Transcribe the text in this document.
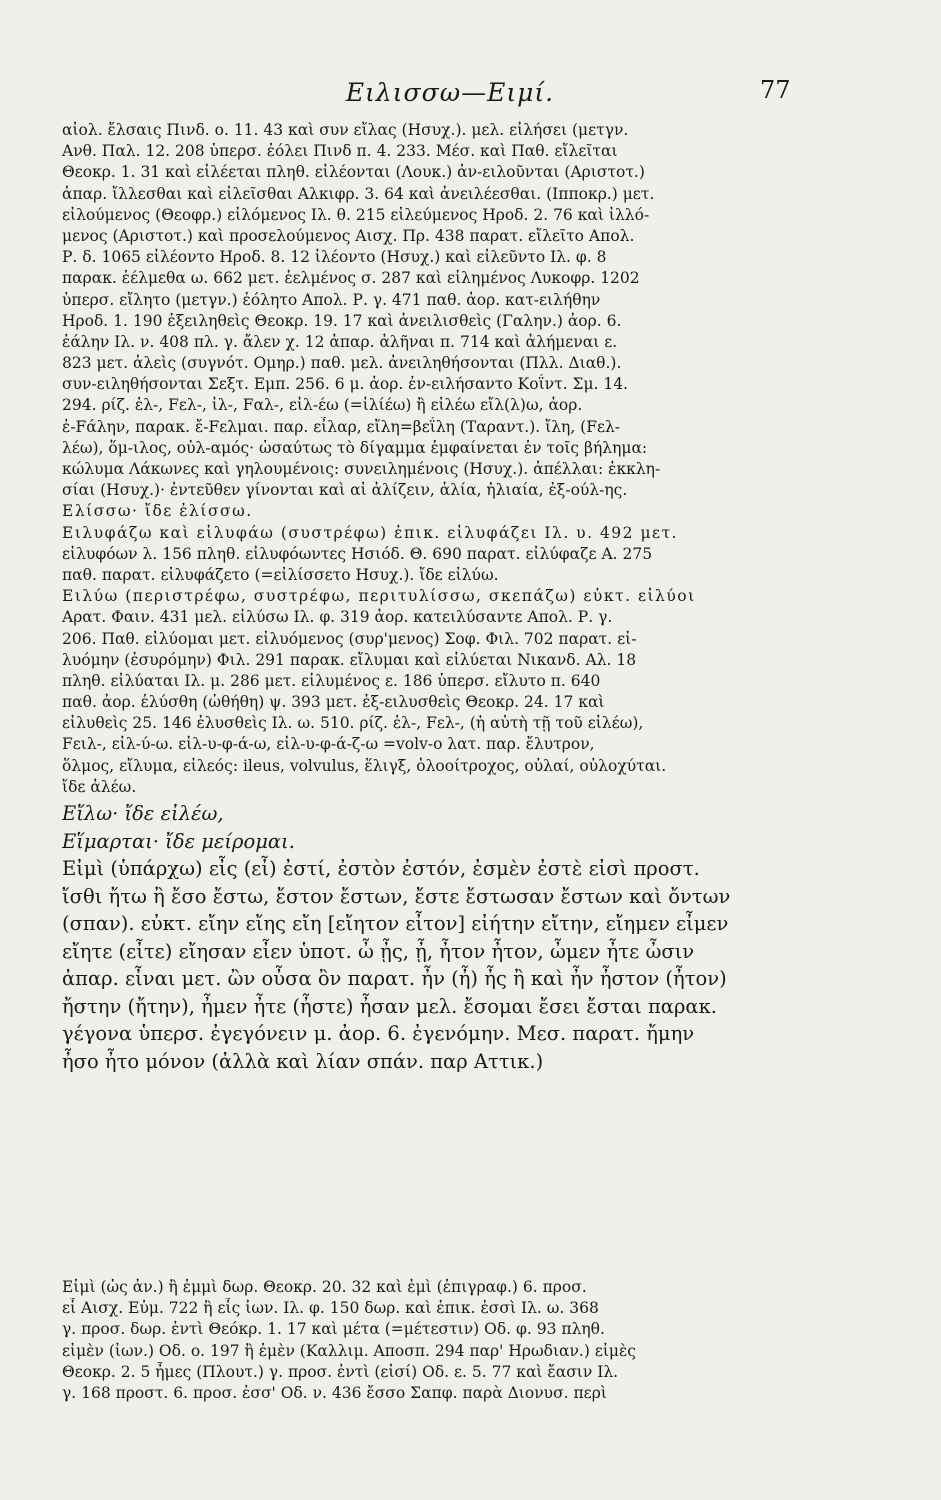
Ειλισσω—Ειμί.	77
αἰολ. ἔλσαις Πινδ. ο. 11. 43 καὶ συν εἴλας (Ησυχ.). μελ. εἰλήσει (μετγν.
Ανθ. Παλ. 12. 208 ὑπερσ. ἐόλει Πινδ π. 4. 233. Μέσ. καὶ Παθ. εἴλεῖται
Θεοκρ. 1. 31 καὶ εἰλέεται πληθ. εἰλέονται (Λουκ.) ἀν-ειλοῦνται (Αριστοτ.)
ἀπαρ. ἴλλεσθαι καὶ εἰλεῖσθαι Αλκιφρ. 3. 64 καὶ ἀνειλέεσθαι. (Ιπποκρ.) μετ.
εἰλούμενος (Θεοφρ.) εἰλόμενος Ιλ. θ. 215 εἰλεύμενος Ηροδ. 2. 76 καὶ ἰλλό-
μενος (Αριστοτ.) καὶ προσελούμενος Αισχ. Πρ. 438 παρατ. εἴλεῖτο Απολ.
Ρ. δ. 1065 εἰλέοντο Ηροδ. 8. 12 ἰλέοντο (Ησυχ.) καὶ εἰλεῦντο Ιλ. φ. 8
παρακ. ἐέλμεθα ω. 662 μετ. ἐελμένος σ. 287 καὶ εἰλημένος Λυκοφρ. 1202
ὑπερσ. εἴλητο (μετγν.) ἐόλητο Απολ. Ρ. γ. 471 παθ. ἀορ. κατ-ειλήθην
Ηροδ. 1. 190 ἐξειληθεὶς Θεοκρ. 19. 17 καὶ ἀνειλισθεὶς (Γαλην.) ἀορ. 6.
ἐάλην Ιλ. ν. 408 πλ. γ. ἄλεν χ. 12 ἀπαρ. ἀλῆναι π. 714 καὶ ἀλήμεναι ε.
823 μετ. ἀλεὶς (συγνότ. Ομηρ.) παθ. μελ. ἀνειληθήσονται (Πλλ. Διαθ.).
συν-ειληθήσονται Σεξτ. Εμπ. 256. 6 μ. ἀορ. ἐν-ειλήσαντο Κοΐντ. Σμ. 14.
294. ρίζ. ἐλ-, Fελ-, ἰλ-, Fαλ-, εἰλ-έω (=ἰλίέω) ἢ εἰλέω εἴλ(λ)ω, ἀορ.
ἐ-Fάλην, παρακ. ἔ-Fελμαι. παρ. εἶλαρ, εἴλη=βεΐλη (Ταραντ.). ἴλη, (Fελ-
λέω), ὅμ-ιλος, οὐλ-αμός· ὡσαύτως τὸ δίγαμμα ἐμφαίνεται ἐν τοῖς βήλημα:
κώλυμα Λάκωνες καὶ γηλουμένοις: συνειλημένοις (Ησυχ.). ἀπέλλαι: ἐκκλη-
σίαι (Ησυχ.)· ἐντεῦθεν γίνονται καὶ αἱ ἀλίζειν, ἁλία, ἡλιαία, ἐξ-ούλ-ης.
Ελίσσω· ἴδε ἐλίσσω.
Ειλυφάζω καὶ εἰλυφάω (συστρέφω) ἐπικ. εἰλυφάζει Ιλ. υ. 492 μετ.
εἰλυφόων λ. 156 πληθ. εἰλυφόωντες Ησιόδ. Θ. 690 παρατ. εἰλύφαζε Α. 275
παθ. παρατ. εἰλυφάζετο (=εἰλίσσετο Ησυχ.). ἴδε εἰλύω.
Ειλύω (περιστρέφω, συστρέφω, περιτυλίσσω, σκεπάζω) εὐκτ. εἰλύοι
Αρατ. Φαιν. 431 μελ. εἰλύσω Ιλ. φ. 319 ἀορ. κατειλύσαντε Απολ. Ρ. γ.
206. Παθ. εἰλύομαι μετ. εἰλυόμενος (συρ'μενος) Σοφ. Φιλ. 702 παρατ. εἰ-
λυόμην (ἐσυρόμην) Φιλ. 291 παρακ. εἴλυμαι καὶ εἰλύεται Νικανδ. Αλ. 18
πληθ. εἰλύαται Ιλ. μ. 286 μετ. εἰλυμένος ε. 186 ὑπερσ. εἴλυτο π. 640
παθ. ἀορ. ἐλύσθη (ὠθήθη) ψ. 393 μετ. ἐξ-ειλυσθεὶς Θεοκρ. 24. 17 καὶ
εἰλυθεὶς 25. 146 ἐλυσθεὶς Ιλ. ω. 510. ρίζ. ἐλ-, Fελ-, (ἡ αὐτὴ τῇ τοῦ εἰλέω),
Fειλ-, εἰλ-ύ-ω. εἰλ-υ-φ-ά-ω, εἰλ-υ-φ-ά-ζ-ω =volv-o λατ. παρ. ἔλυτρον,
ὅλμος, εἴλυμα, εἰλεός: ileus, volvulus, ἕλιγξ, ὁλοοίτροχος, οὐλαί, οὐλοχύται.
ἴδε ἀλέω.
Εἴλω· ἴδε εἰλέω,
Εἵμαρται· ἴδε μείρομαι.
Εἰμὶ (ὑπάρχω) εἶς (εἶ) ἐστί, ἐστὸν ἐστόν, ἐσμὲν ἐστὲ εἰσὶ προστ.
ἴσθι ἤτω ἢ ἔσο ἔστω, ἔστον ἔστων, ἔστε ἔστωσαν ἔστων καὶ ὄντων
(σπαν). εὐκτ. εἴην εἴης εἴη [εἴητον εἶτον] εἰήτην εἴτην, εἴημεν εἶμεν
εἴητε (εἶτε) εἴησαν εἶεν ὑποτ. ὦ ᾖς, ᾖ, ἦτον ἦτον, ὦμεν ἦτε ὦσιν
ἀπαρ. εἶναι μετ. ὢν οὖσα ὂν παρατ. ἦν (ἦ) ἦς ἢ καὶ ἦν ἦστον (ἦτον)
ἤστην (ἤτην), ἦμεν ἦτε (ἦστε) ἦσαν μελ. ἔσομαι ἔσει ἔσται παρακ.
γέγονα ὑπερσ. ἐγεγόνειν μ. ἀορ. 6. ἐγενόμην. Μεσ. παρατ. ἤμην
ἦσο ἦτο μόνον (ἀλλὰ καὶ λίαν σπάν. παρ Αττικ.)
Εἰμὶ (ὡς ἀν.) ἢ ἐμμὶ δωρ. Θεοκρ. 20. 32 καὶ ἐμὶ (ἐπιγραφ.) 6. προσ.
εἶ Αισχ. Εὐμ. 722 ἢ εἶς ἰων. Ιλ. φ. 150 δωρ. καὶ ἐπικ. ἐσσὶ Ιλ. ω. 368
γ. προσ. δωρ. ἐντὶ Θεόκρ. 1. 17 καὶ μέτα (=μέτεστιν) Οδ. φ. 93 πληθ.
εἰμὲν (ἰων.) Οδ. ο. 197 ἢ ἐμὲν (Καλλιμ. Αποσπ. 294 παρ' Ηρωδιαν.) εἰμὲς
Θεοκρ. 2. 5 ἦμες (Πλουτ.) γ. προσ. ἐντὶ (εἰσί) Οδ. ε. 5. 77 καὶ ἔασιν Ιλ.
γ. 168 προστ. 6. προσ. ἐσσ' Οδ. ν. 436 ἔσσο Σαπφ. παρὰ Διονυσ. περὶ
